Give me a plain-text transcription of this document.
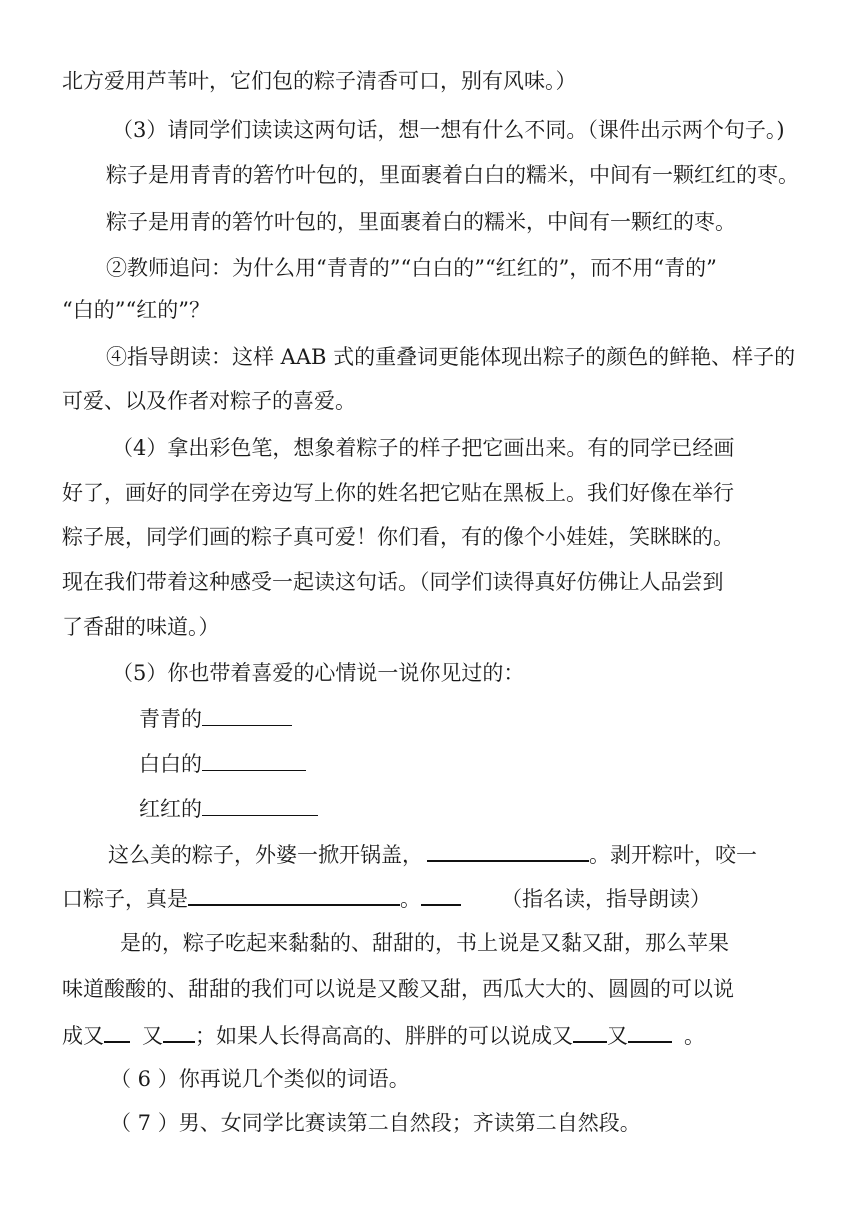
北方爱用芦苇叶，它们包的粽子清香可口，别有风味。）
（3）请同学们读读这两句话，想一想有什么不同。（课件出示两个句子。)
粽子是用青青的箬竹叶包的，里面裹着白白的糯米，中间有一颗红红的枣。
粽子是用青的箬竹叶包的，里面裹着白的糯米，中间有一颗红的枣。
②教师追问：为什么用“青青的”“白白的”“红红的”，而不用“青的”
“白的”“红的”？
④指导朗读：这样 AAB 式的重叠词更能体现出粽子的颜色的鲜艳、样子的
可爱、以及作者对粽子的喜爱。
（4）拿出彩色笔，想象着粽子的样子把它画出来。有的同学已经画
好了，画好的同学在旁边写上你的姓名把它贴在黑板上。我们好像在举行
粽子展，同学们画的粽子真可爱！你们看，有的像个小娃娃，笑眯眯的。
现在我们带着这种感受一起读这句话。（同学们读得真好仿佛让人品尝到
了香甜的味道。）
（5）你也带着喜爱的心情说一说你见过的：
青青的
白白的
红红的
这么美的粽子，外婆一掀开锅盖，	。剥开粽叶，咬一
口粽子，真是	。	（指名读，指导朗读）
是的，粽子吃起来黏黏的、甜甜的，书上说是又黏又甜，那么苹果
味道酸酸的、甜甜的我们可以说是又酸又甜，西瓜大大的、圆圆的可以说
成又 又 ；如果人长得高高的、胖胖的可以说成又 又	。
（ 6 ）你再说几个类似的词语。
（ 7 ）男、女同学比赛读第二自然段；齐读第二自然段。
